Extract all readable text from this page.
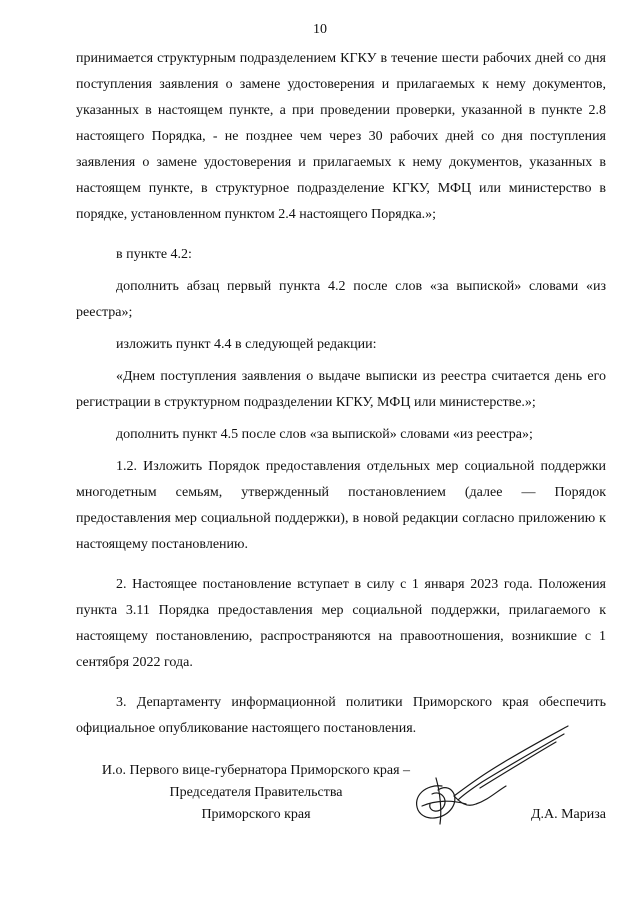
10

принимается структурным подразделением КГКУ в течение шести рабочих дней со дня поступления заявления о замене удостоверения и прилагаемых к нему документов, указанных в настоящем пункте, а при проведении проверки, указанной в пункте 2.8 настоящего Порядка, - не позднее чем через 30 рабочих дней со дня поступления заявления о замене удостоверения и прилагаемых к нему документов, указанных в настоящем пункте, в структурное подразделение КГКУ, МФЦ или министерство в порядке, установленном пунктом 2.4 настоящего Порядка.»;

в пункте 4.2:

дополнить абзац первый пункта 4.2 после слов «за выпиской» словами «из реестра»;

изложить пункт 4.4 в следующей редакции:

«Днем поступления заявления о выдаче выписки из реестра считается день его регистрации в структурном подразделении КГКУ, МФЦ или министерстве.»;

дополнить пункт 4.5 после слов «за выпиской» словами «из реестра»;

1.2. Изложить Порядок предоставления отдельных мер социальной поддержки многодетным семьям, утвержденный постановлением (далее — Порядок предоставления мер социальной поддержки), в новой редакции согласно приложению к настоящему постановлению.

2. Настоящее постановление вступает в силу с 1 января 2023 года. Положения пункта 3.11 Порядка предоставления мер социальной поддержки, прилагаемого к настоящему постановлению, распространяются на правоотношения, возникшие с 1 сентября 2022 года.

3. Департаменту информационной политики Приморского края обеспечить официальное опубликование настоящего постановления.

И.о. Первого вице-губернатора Приморского края –
Председателя Правительства
Приморского края	Д.А. Мариза
